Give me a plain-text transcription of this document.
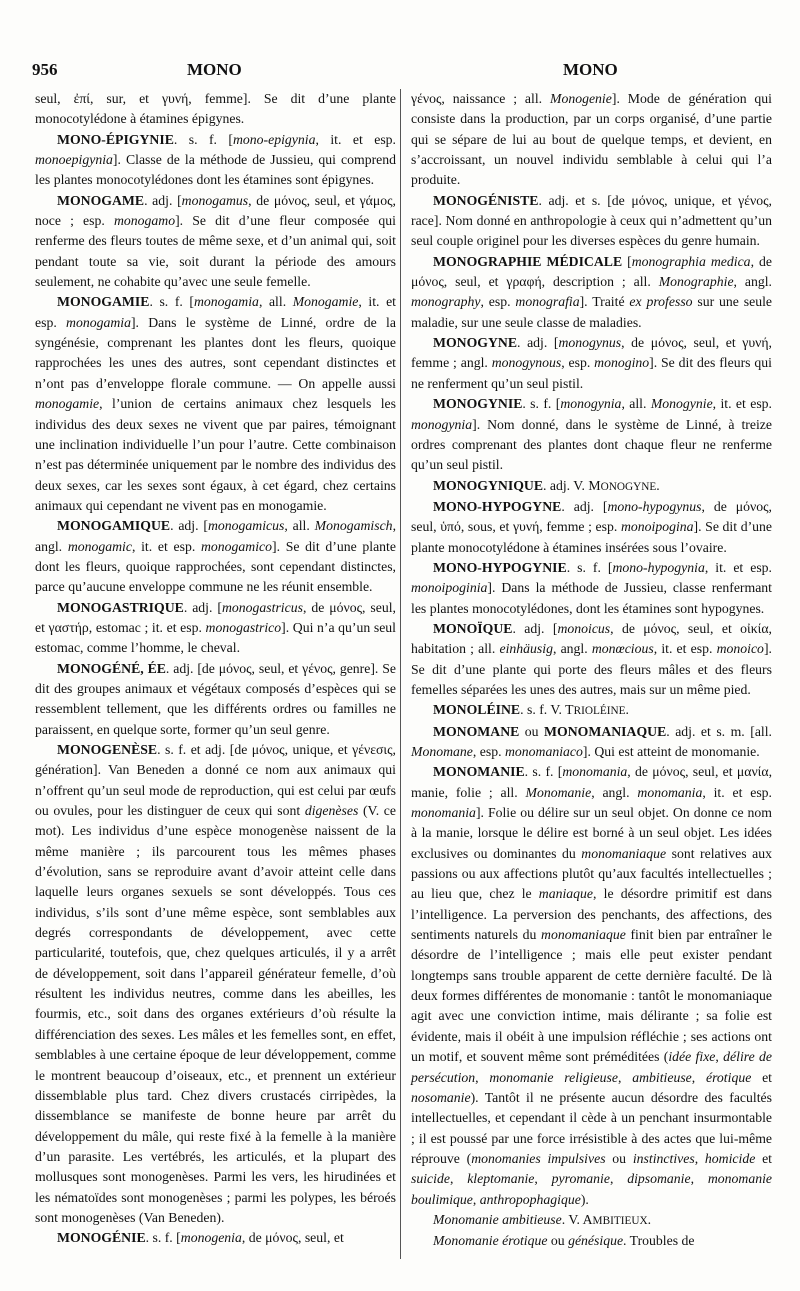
956	MONO	MONO

seul, ἐπί, sur, et γυνή, femme]. Se dit d’une plante monocotylédone à étamines épigynes.

MONO-ÉPIGYNIE. s. f. [mono-epigynia, it. et esp. monoepigynia]. Classe de la méthode de Jussieu, qui comprend les plantes monocotylédones dont les étamines sont épigynes.

MONOGAME. adj. [monogamus, de μόνος, seul, et γάμος, noce ; esp. monogamo]. Se dit d’une fleur composée qui renferme des fleurs toutes de même sexe, et d’un animal qui, soit pendant toute sa vie, soit durant la période des amours seulement, ne cohabite qu’avec une seule femelle.

MONOGAMIE. s. f. [monogamia, all. Monogamie, it. et esp. monogamia]. Dans le système de Linné, ordre de la syngénésie, comprenant les plantes dont les fleurs, quoique rapprochées les unes des autres, sont cependant distinctes et n’ont pas d’enveloppe florale commune. — On appelle aussi monogamie, l’union de certains animaux chez lesquels les individus des deux sexes ne vivent que par paires, témoignant une inclination individuelle l’un pour l’autre. Cette combinaison n’est pas déterminée uniquement par le nombre des individus des deux sexes, car les sexes sont égaux, à cet égard, chez certains animaux qui cependant ne vivent pas en monogamie.

MONOGAMIQUE. adj. [monogamicus, all. Monogamisch, angl. monogamic, it. et esp. monogamico]. Se dit d’une plante dont les fleurs, quoique rapprochées, sont cependant distinctes, parce qu’aucune enveloppe commune ne les réunit ensemble.

MONOGASTRIQUE. adj. [monogastricus, de μόνος, seul, et γαστήρ, estomac ; it. et esp. monogastrico]. Qui n’a qu’un seul estomac, comme l’homme, le cheval.

MONOGÉNÉ, ÉE. adj. [de μόνος, seul, et γένος, genre]. Se dit des groupes animaux et végétaux composés d’espèces qui se ressemblent tellement, que les différents ordres ou familles ne paraissent, en quelque sorte, former qu’un seul genre.

MONOGENÈSE. s. f. et adj. [de μόνος, unique, et γένεσις, génération]. Van Beneden a donné ce nom aux animaux qui n’offrent qu’un seul mode de reproduction, qui est celui par œufs ou ovules, pour les distinguer de ceux qui sont digenèses (V. ce mot). Les individus d’une espèce monogenèse naissent de la même manière ; ils parcourent tous les mêmes phases d’évolution, sans se reproduire avant d’avoir atteint celle dans laquelle leurs organes sexuels se sont développés. Tous ces individus, s’ils sont d’une même espèce, sont semblables aux degrés correspondants de développement, avec cette particularité, toutefois, que, chez quelques articulés, il y a arrêt de développement, soit dans l’appareil générateur femelle, d’où résultent les individus neutres, comme dans les abeilles, les fourmis, etc., soit dans des organes extérieurs d’où résulte la différenciation des sexes. Les mâles et les femelles sont, en effet, semblables à une certaine époque de leur développement, comme le montrent beaucoup d’oiseaux, etc., et prennent un extérieur dissemblable plus tard. Chez divers crustacés cirripèdes, la dissemblance se manifeste de bonne heure par arrêt du développement du mâle, qui reste fixé à la femelle à la manière d’un parasite. Les vertébrés, les articulés, et la plupart des mollusques sont monogenèses. Parmi les vers, les hirudinées et les nématoïdes sont monogenèses ; parmi les polypes, les béroés sont monogenèses (Van Beneden).

MONOGÉNIE. s. f. [monogenia, de μόνος, seul, et

γένος, naissance ; all. Monogenie]. Mode de génération qui consiste dans la production, par un corps organisé, d’une partie qui se sépare de lui au bout de quelque temps, et devient, en s’accroissant, un nouvel individu semblable à celui qui l’a produite.

MONOGÉNISTE. adj. et s. [de μόνος, unique, et γένος, race]. Nom donné en anthropologie à ceux qui n’admettent qu’un seul couple originel pour les diverses espèces du genre humain.

MONOGRAPHIE MÉDICALE [monographia medica, de μόνος, seul, et γραφή, description ; all. Monographie, angl. monography, esp. monografia]. Traité ex professo sur une seule maladie, sur une seule classe de maladies.

MONOGYNE. adj. [monogynus, de μόνος, seul, et γυνή, femme ; angl. monogynous, esp. monogino]. Se dit des fleurs qui ne renferment qu’un seul pistil.

MONOGYNIE. s. f. [monogynia, all. Monogynie, it. et esp. monogynia]. Nom donné, dans le système de Linné, à treize ordres comprenant des plantes dont chaque fleur ne renferme qu’un seul pistil.

MONOGYNIQUE. adj. V. MONOGYNE.

MONO-HYPOGYNE. adj. [mono-hypogynus, de μόνος, seul, ὑπό, sous, et γυνή, femme ; esp. monoipogina]. Se dit d’une plante monocotylédone à étamines insérées sous l’ovaire.

MONO-HYPOGYNIE. s. f. [mono-hypogynia, it. et esp. monoipoginia]. Dans la méthode de Jussieu, classe renfermant les plantes monocotylédones, dont les étamines sont hypogynes.

MONOÏQUE. adj. [monoicus, de μόνος, seul, et οἰκία, habitation ; all. einhäusig, angl. monœcious, it. et esp. monoico]. Se dit d’une plante qui porte des fleurs mâles et des fleurs femelles séparées les unes des autres, mais sur un même pied.

MONOLÉINE. s. f. V. TRIOLÉINE.

MONOMANE ou MONOMANIAQUE. adj. et s. m. [all. Monomane, esp. monomaniaco]. Qui est atteint de monomanie.

MONOMANIE. s. f. [monomania, de μόνος, seul, et μανία, manie, folie ; all. Monomanie, angl. monomania, it. et esp. monomania]. Folie ou délire sur un seul objet. On donne ce nom à la manie, lorsque le délire est borné à un seul objet. Les idées exclusives ou dominantes du monomaniaque sont relatives aux passions ou aux affections plutôt qu’aux facultés intellectuelles ; au lieu que, chez le maniaque, le désordre primitif est dans l’intelligence. La perversion des penchants, des affections, des sentiments naturels du monomaniaque finit bien par entraîner le désordre de l’intelligence ; mais elle peut exister pendant longtemps sans trouble apparent de cette dernière faculté. De là deux formes différentes de monomanie : tantôt le monomaniaque agit avec une conviction intime, mais délirante ; sa folie est évidente, mais il obéit à une impulsion réfléchie ; ses actions ont un motif, et souvent même sont préméditées (idée fixe, délire de persécution, monomanie religieuse, ambitieuse, érotique et nosomanie). Tantôt il ne présente aucun désordre des facultés intellectuelles, et cependant il cède à un penchant insurmontable ; il est poussé par une force irrésistible à des actes que lui-même réprouve (monomanies impulsives ou instinctives, homicide et suicide, kleptomanie, pyromanie, dipsomanie, monomanie boulimique, anthropophagique).

Monomanie ambitieuse. V. AMBITIEUX.

Monomanie érotique ou génésique. Troubles de
